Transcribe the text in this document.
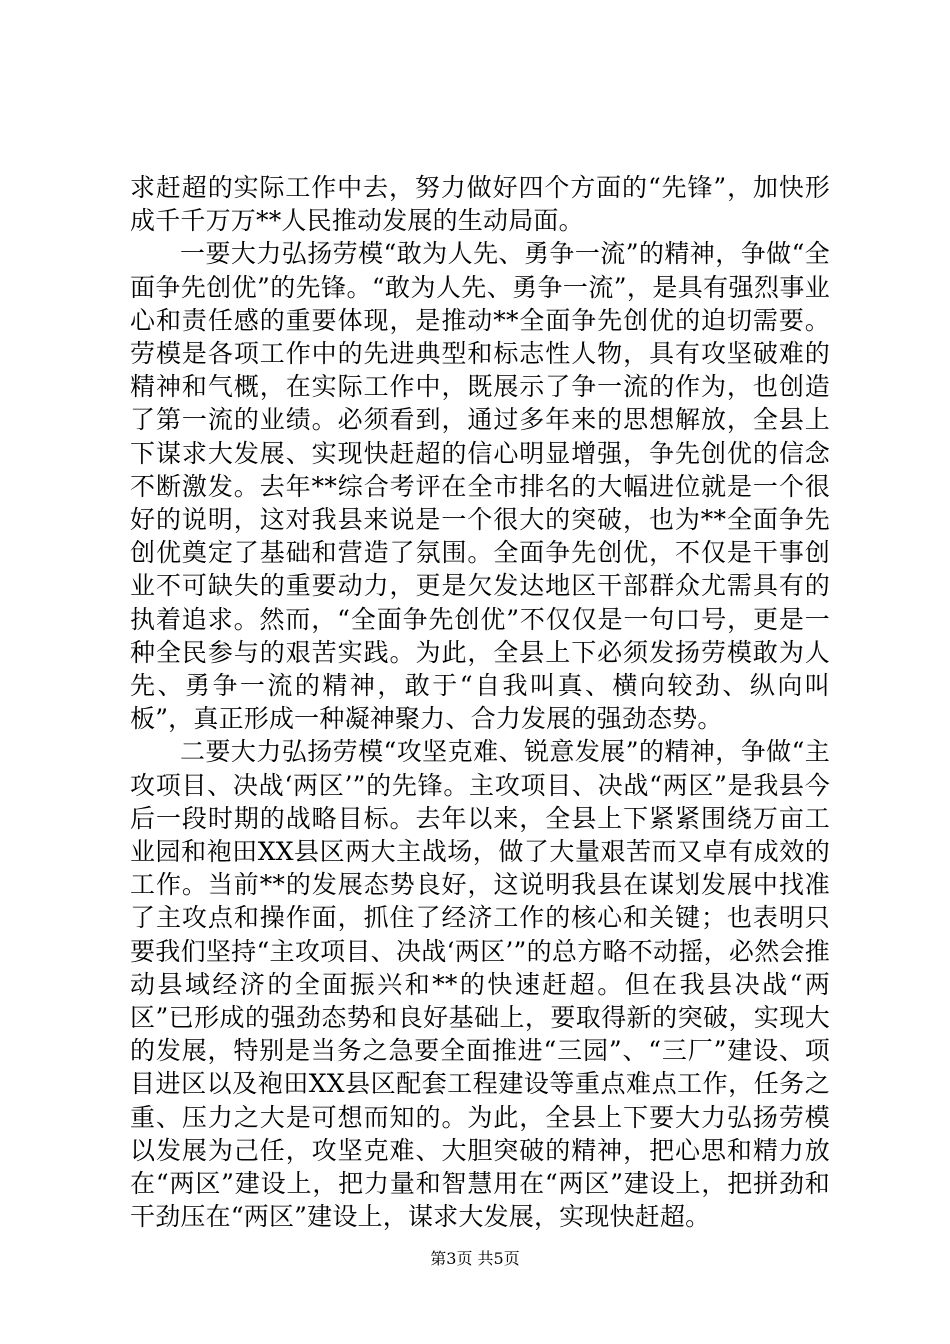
求赶超的实际工作中去，努力做好四个方面的“先锋”，加快形成千千万万**人民推动发展的生动局面。

一要大力弘扬劳模“敢为人先、勇争一流”的精神，争做“全面争先创优”的先锋。“敢为人先、勇争一流”，是具有强烈事业心和责任感的重要体现，是推动**全面争先创优的迫切需要。劳模是各项工作中的先进典型和标志性人物，具有攻坚破难的精神和气概，在实际工作中，既展示了争一流的作为，也创造了第一流的业绩。必须看到，通过多年来的思想解放，全县上下谋求大发展、实现快赶超的信心明显增强，争先创优的信念不断激发。去年**综合考评在全市排名的大幅进位就是一个很好的说明，这对我县来说是一个很大的突破，也为**全面争先创优奠定了基础和营造了氛围。全面争先创优，不仅是干事创业不可缺失的重要动力，更是欠发达地区干部群众尤需具有的执着追求。然而，“全面争先创优”不仅仅是一句口号，更是一种全民参与的艰苦实践。为此，全县上下必须发扬劳模敢为人先、勇争一流的精神，敢于“自我叫真、横向较劲、纵向叫板”，真正形成一种凝神聚力、合力发展的强劲态势。

二要大力弘扬劳模“攻坚克难、锐意发展”的精神，争做“主攻项目、决战‘两区’”的先锋。主攻项目、决战“两区”是我县今后一段时期的战略目标。去年以来，全县上下紧紧围绕万亩工业园和袍田XX县区两大主战场，做了大量艰苦而又卓有成效的工作。当前**的发展态势良好，这说明我县在谋划发展中找准了主攻点和操作面，抓住了经济工作的核心和关键；也表明只要我们坚持“主攻项目、决战‘两区’”的总方略不动摇，必然会推动县域经济的全面振兴和**的快速赶超。但在我县决战“两区”已形成的强劲态势和良好基础上，要取得新的突破，实现大的发展，特别是当务之急要全面推进“三园”、“三厂”建设、项目进区以及袍田XX县区配套工程建设等重点难点工作，任务之重、压力之大是可想而知的。为此，全县上下要大力弘扬劳模以发展为己任，攻坚克难、大胆突破的精神，把心思和精力放在“两区”建设上，把力量和智慧用在“两区”建设上，把拼劲和干劲压在“两区”建设上，谋求大发展，实现快赶超。

第3页 共5页
